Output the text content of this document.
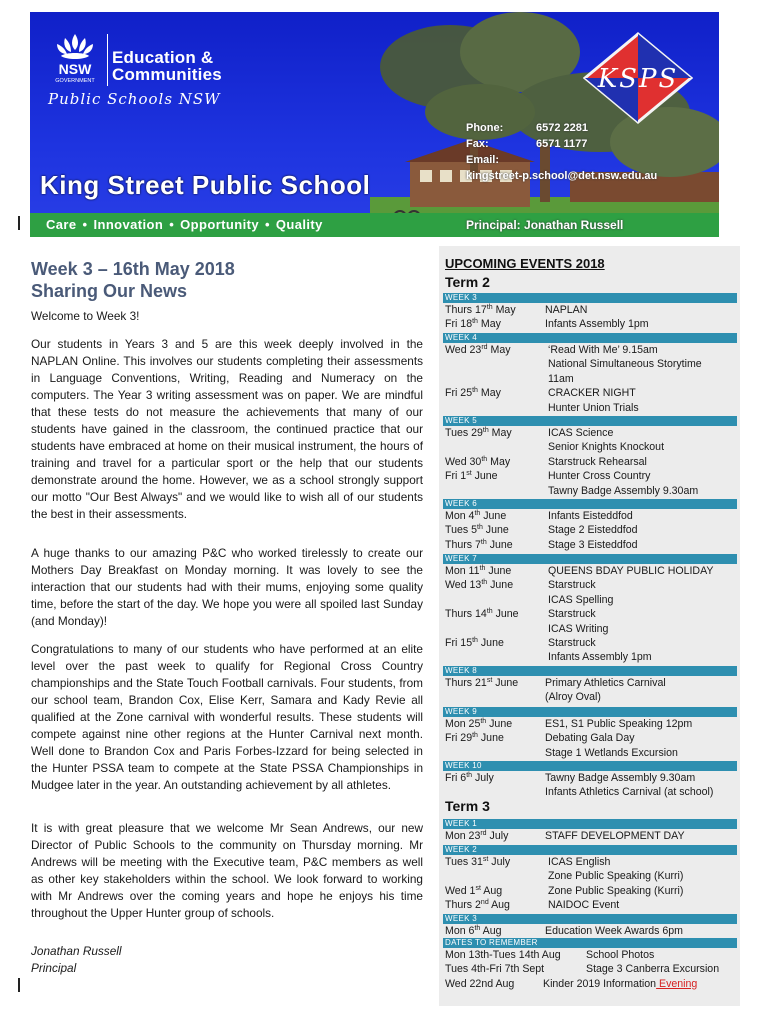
NSW
GOVERNMENT
Education &
Communities
Public Schools NSW
KSPS
Phone:	6572 2281
Fax:	6571 1177
Email:
kingstreet-p.school@det.nsw.edu.au
King Street Public School
Care • Innovation • Opportunity • Quality	Principal: Jonathan Russell
Week 3 – 16th May 2018
Sharing Our News
Welcome to Week 3!
Our students in Years 3 and 5 are this week deeply involved in the NAPLAN Online. This involves our students completing their assessments in Language Conventions, Writing, Reading and Numeracy on the computers. The Year 3 writing assessment was on paper. We are mindful that these tests do not measure the achievements that many of our students have gained in the classroom, the continued practice that our students have embraced at home on their musical instrument, the hours of training and travel for a particular sport or the help that our students demonstrate around the home. However, we as a school strongly support our motto "Our Best Always" and we would like to wish all of our students the best in their assessments.
A huge thanks to our amazing P&C who worked tirelessly to create our Mothers Day Breakfast on Monday morning. It was lovely to see the interaction that our students had with their mums, enjoying some quality time, before the start of the day. We hope you were all spoiled last Sunday (and Monday)!
Congratulations to many of our students who have performed at an elite level over the past week to qualify for Regional Cross Country championships and the State Touch Football carnivals. Four students, from our school team, Brandon Cox, Elise Kerr, Samara and Kady Revie all qualified at the Zone carnival with wonderful results. These students will compete against nine other regions at the Hunter Carnival next month. Well done to Brandon Cox and Paris Forbes-Izzard for being selected in the Hunter PSSA team to compete at the State PSSA Championships in Mudgee later in the year. An outstanding achievement by all athletes.
It is with great pleasure that we welcome Mr Sean Andrews, our new Director of Public Schools to the community on Thursday morning. Mr Andrews will be meeting with the Executive team, P&C members as well as other key stakeholders within the school. We look forward to working with Mr Andrews over the coming years and hope he enjoys his time throughout the Upper Hunter group of schools.
Jonathan Russell
Principal
UPCOMING EVENTS 2018
Term 2
Term 3
WEEK 3
Thurs 17th May	NAPLAN
Fri 18th May	Infants Assembly 1pm
WEEK 4
Wed 23rd May	‘Read With Me’ 9.15am
National Simultaneous Storytime
11am
Fri 25th May	CRACKER NIGHT
Hunter Union Trials
WEEK 5
Tues 29th May	ICAS Science
Senior Knights Knockout
Wed 30th May	Starstruck Rehearsal
Fri 1st June	Hunter Cross Country
Tawny Badge Assembly 9.30am
WEEK 6
Mon 4th June	Infants Eisteddfod
Tues 5th June	Stage 2 Eisteddfod
Thurs 7th June	Stage 3 Eisteddfod
WEEK 7
Mon 11th June	QUEENS BDAY PUBLIC HOLIDAY
Wed 13th June	Starstruck
ICAS Spelling
Thurs 14th June	Starstruck
ICAS Writing
Fri 15th June	Starstruck
Infants Assembly 1pm
WEEK 8
Thurs 21st June	Primary Athletics Carnival
(Alroy Oval)
WEEK 9
Mon 25th June	ES1, S1 Public Speaking 12pm
Fri 29th June	Debating Gala Day
Stage 1 Wetlands Excursion
WEEK 10
Fri 6th July	Tawny Badge Assembly 9.30am
Infants Athletics Carnival (at school)
WEEK 1
Mon 23rd July	STAFF DEVELOPMENT DAY
WEEK 2
Tues 31st July	ICAS English
Zone Public Speaking (Kurri)
Wed 1st Aug	Zone Public Speaking (Kurri)
Thurs 2nd Aug	NAIDOC Event
WEEK 3
Mon 6th Aug	Education Week Awards 6pm
DATES TO REMEMBER
Mon 13th-Tues 14th Aug School Photos
Tues 4th-Fri 7th Sept	Stage 3 Canberra Excursion
Wed 22nd Aug	Kinder 2019 Information Evening
